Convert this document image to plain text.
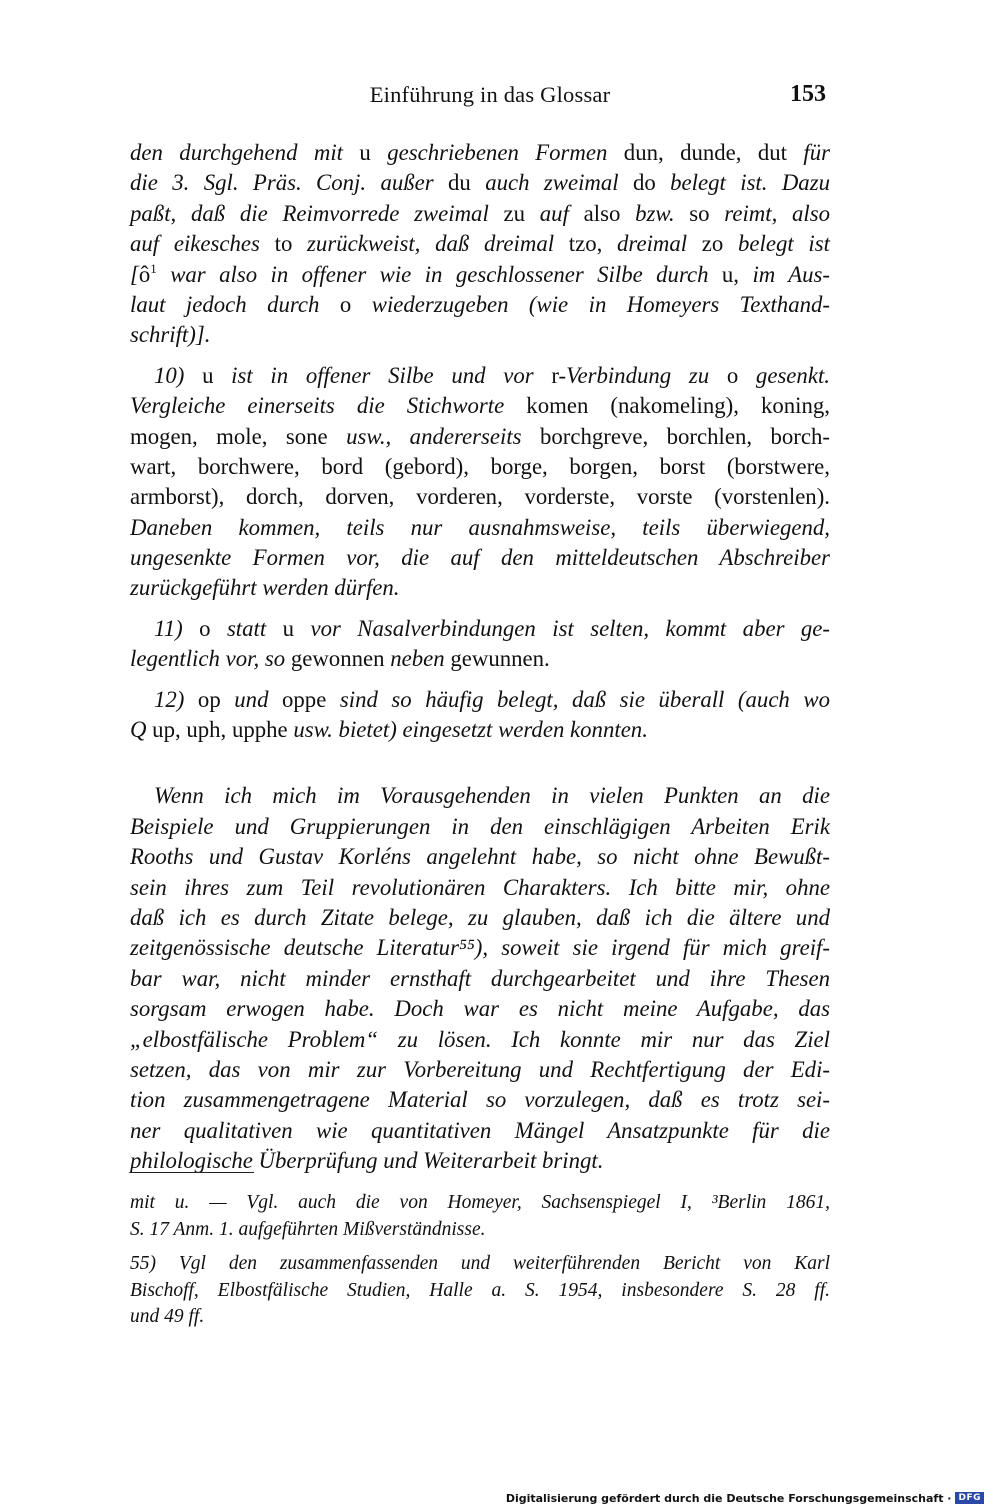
Einführung in das Glossar	153
den durchgehend mit u geschriebenen Formen dun, dunde, dut für
die 3. Sgl. Präs. Conj. außer du auch zweimal do belegt ist. Dazu
paßt, daß die Reimvorrede zweimal zu auf also bzw. so reimt, also
auf eikesches to zurückweist, daß dreimal tzo, dreimal zo belegt ist
[$ô^1$ war also in offener wie in geschlossener Silbe durch u, im Aus-
laut jedoch durch o wiederzugeben (wie in Homeyers Texthand-
schrift)].
10) u ist in offener Silbe und vor r-Verbindung zu o gesenkt.
Vergleiche einerseits die Stichworte komen (nakomeling), koning,
mogen, mole, sone usw., andererseits borchgreve, borchlen, borch-
wart, borchwere, bord (gebord), borge, borgen, borst (borstwere,
armborst), dorch, dorven, vorderen, vorderste, vorste (vorstenlen).
Daneben kommen, teils nur ausnahmsweise, teils überwiegend,
ungesenkte Formen vor, die auf den mitteldeutschen Abschreiber
zurückgeführt werden dürfen.
11) o statt u vor Nasalverbindungen ist selten, kommt aber ge-
legentlich vor, so gewonnen neben gewunnen.
12) op und oppe sind so häufig belegt, daß sie überall (auch wo
Q up, uph, upphe usw. bietet) eingesetzt werden konnten.
Wenn ich mich im Vorausgehenden in vielen Punkten an die
Beispiele und Gruppierungen in den einschlägigen Arbeiten Erik
Rooths und Gustav Korléns angelehnt habe, so nicht ohne Bewußt-
sein ihres zum Teil revolutionären Charakters. Ich bitte mir, ohne
daß ich es durch Zitate belege, zu glauben, daß ich die ältere und
zeitgenössische deutsche Literatur⁵⁵), soweit sie irgend für mich greif-
bar war, nicht minder ernsthaft durchgearbeitet und ihre Thesen
sorgsam erwogen habe. Doch war es nicht meine Aufgabe, das
„elbostfälische Problem“ zu lösen. Ich konnte mir nur das Ziel
setzen, das von mir zur Vorbereitung und Rechtfertigung der Edi-
tion zusammengetragene Material so vorzulegen, daß es trotz sei-
ner qualitativen wie quantitativen Mängel Ansatzpunkte für die
philologische Überprüfung und Weiterarbeit bringt.
mit u. — Vgl. auch die von Homeyer, Sachsenspiegel I, ³Berlin 1861,
S. 17 Anm. 1. aufgeführten Mißverständnisse.
55) Vgl den zusammenfassenden und weiterführenden Bericht von Karl
Bischoff, Elbostfälische Studien, Halle a. S. 1954, insbesondere S. 28 ff.
und 49 ff.
Digitalisierung gefördert durch die Deutsche Forschungsgemeinschaft · DFG
